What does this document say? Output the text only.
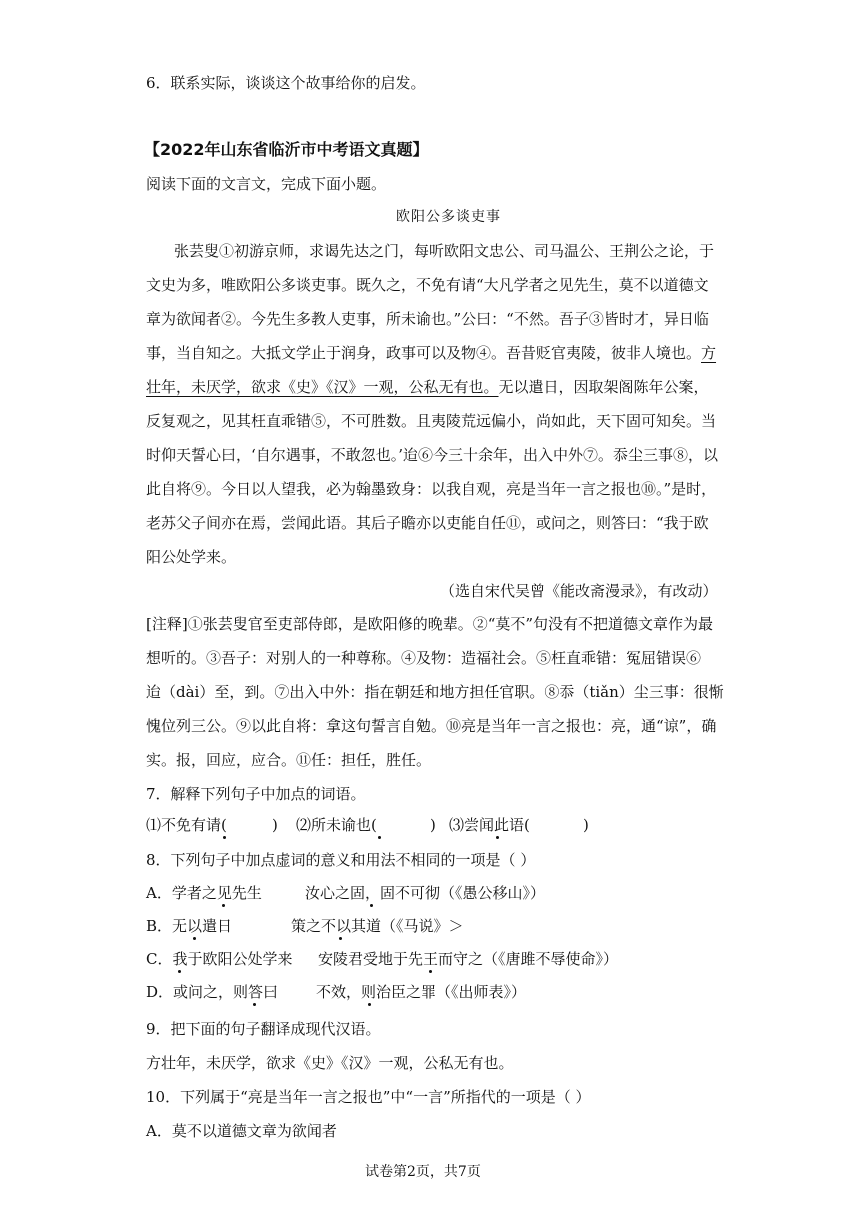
6．联系实际，谈谈这个故事给你的启发。
【2022年山东省临沂市中考语文真题】
阅读下面的文言文，完成下面小题。
欧阳公多谈吏事
张芸叟①初游京师，求谒先达之门，每听欧阳文忠公、司马温公、王荆公之论，于
文史为多，唯欧阳公多谈吏事。既久之，不免有请“大凡学者之见先生，莫不以道德文
章为欲闻者②。今先生多教人吏事，所未谕也。”公曰：“不然。吾子③皆时才，异日临
事，当自知之。大抵文学止于润身，政事可以及物④。吾昔贬官夷陵，彼非人境也。方
壮年，未厌学，欲求《史》《汉》一观，公私无有也。无以遣日，因取架阁陈年公案，
反复观之，见其枉直乖错⑤，不可胜数。且夷陵荒远偏小，尚如此，天下固可知矣。当
时仰天誓心曰，‘自尔遇事，不敢忽也。’迨⑥今三十余年，出入中外⑦。忝尘三事⑧，以
此自将⑨。今日以人望我，必为翰墨致身：以我自观，亮是当年一言之报也⑩。”是时，
老苏父子间亦在焉，尝闻此语。其后子瞻亦以吏能自任⑪，或问之，则答曰：“我于欧
阳公处学来。
（选自宋代吴曾《能改斋漫录》，有改动）
[注释]①张芸叟官至吏部侍郎，是欧阳修的晚辈。②“莫不”句没有不把道德文章作为最
想听的。③吾子：对别人的一种尊称。④及物：造福社会。⑤枉直乖错：冤屈错误⑥
迨（dài）至，到。⑦出入中外：指在朝廷和地方担任官职。⑧忝（tiǎn）尘三事：很惭
愧位列三公。⑨以此自将：拿这句誓言自勉。⑩亮是当年一言之报也：亮，通“谅”，确
实。报，回应，应合。⑪任：担任，胜任。
7．解释下列句子中加点的词语。
⑴不免有请(	) ⑵所未谕也(	) ⑶尝闻此语(	)
8．下列句子中加点虚词的意义和用法不相同的一项是（ ）
A．学者之见先生	汝心之固，固不可彻（《愚公移山》）
B．无以遣日	策之不以其道（《马说》＞
C．我于欧阳公处学来 安陵君受地于先王而守之（《唐雎不辱使命》）
D．或问之，则答曰	不效，则治臣之罪（《出师表》）
9．把下面的句子翻译成现代汉语。
方壮年，未厌学，欲求《史》《汉》一观，公私无有也。
10．下列属于“亮是当年一言之报也”中“一言”所指代的一项是（ ）
A．莫不以道德文章为欲闻者
试卷第2页，共7页
